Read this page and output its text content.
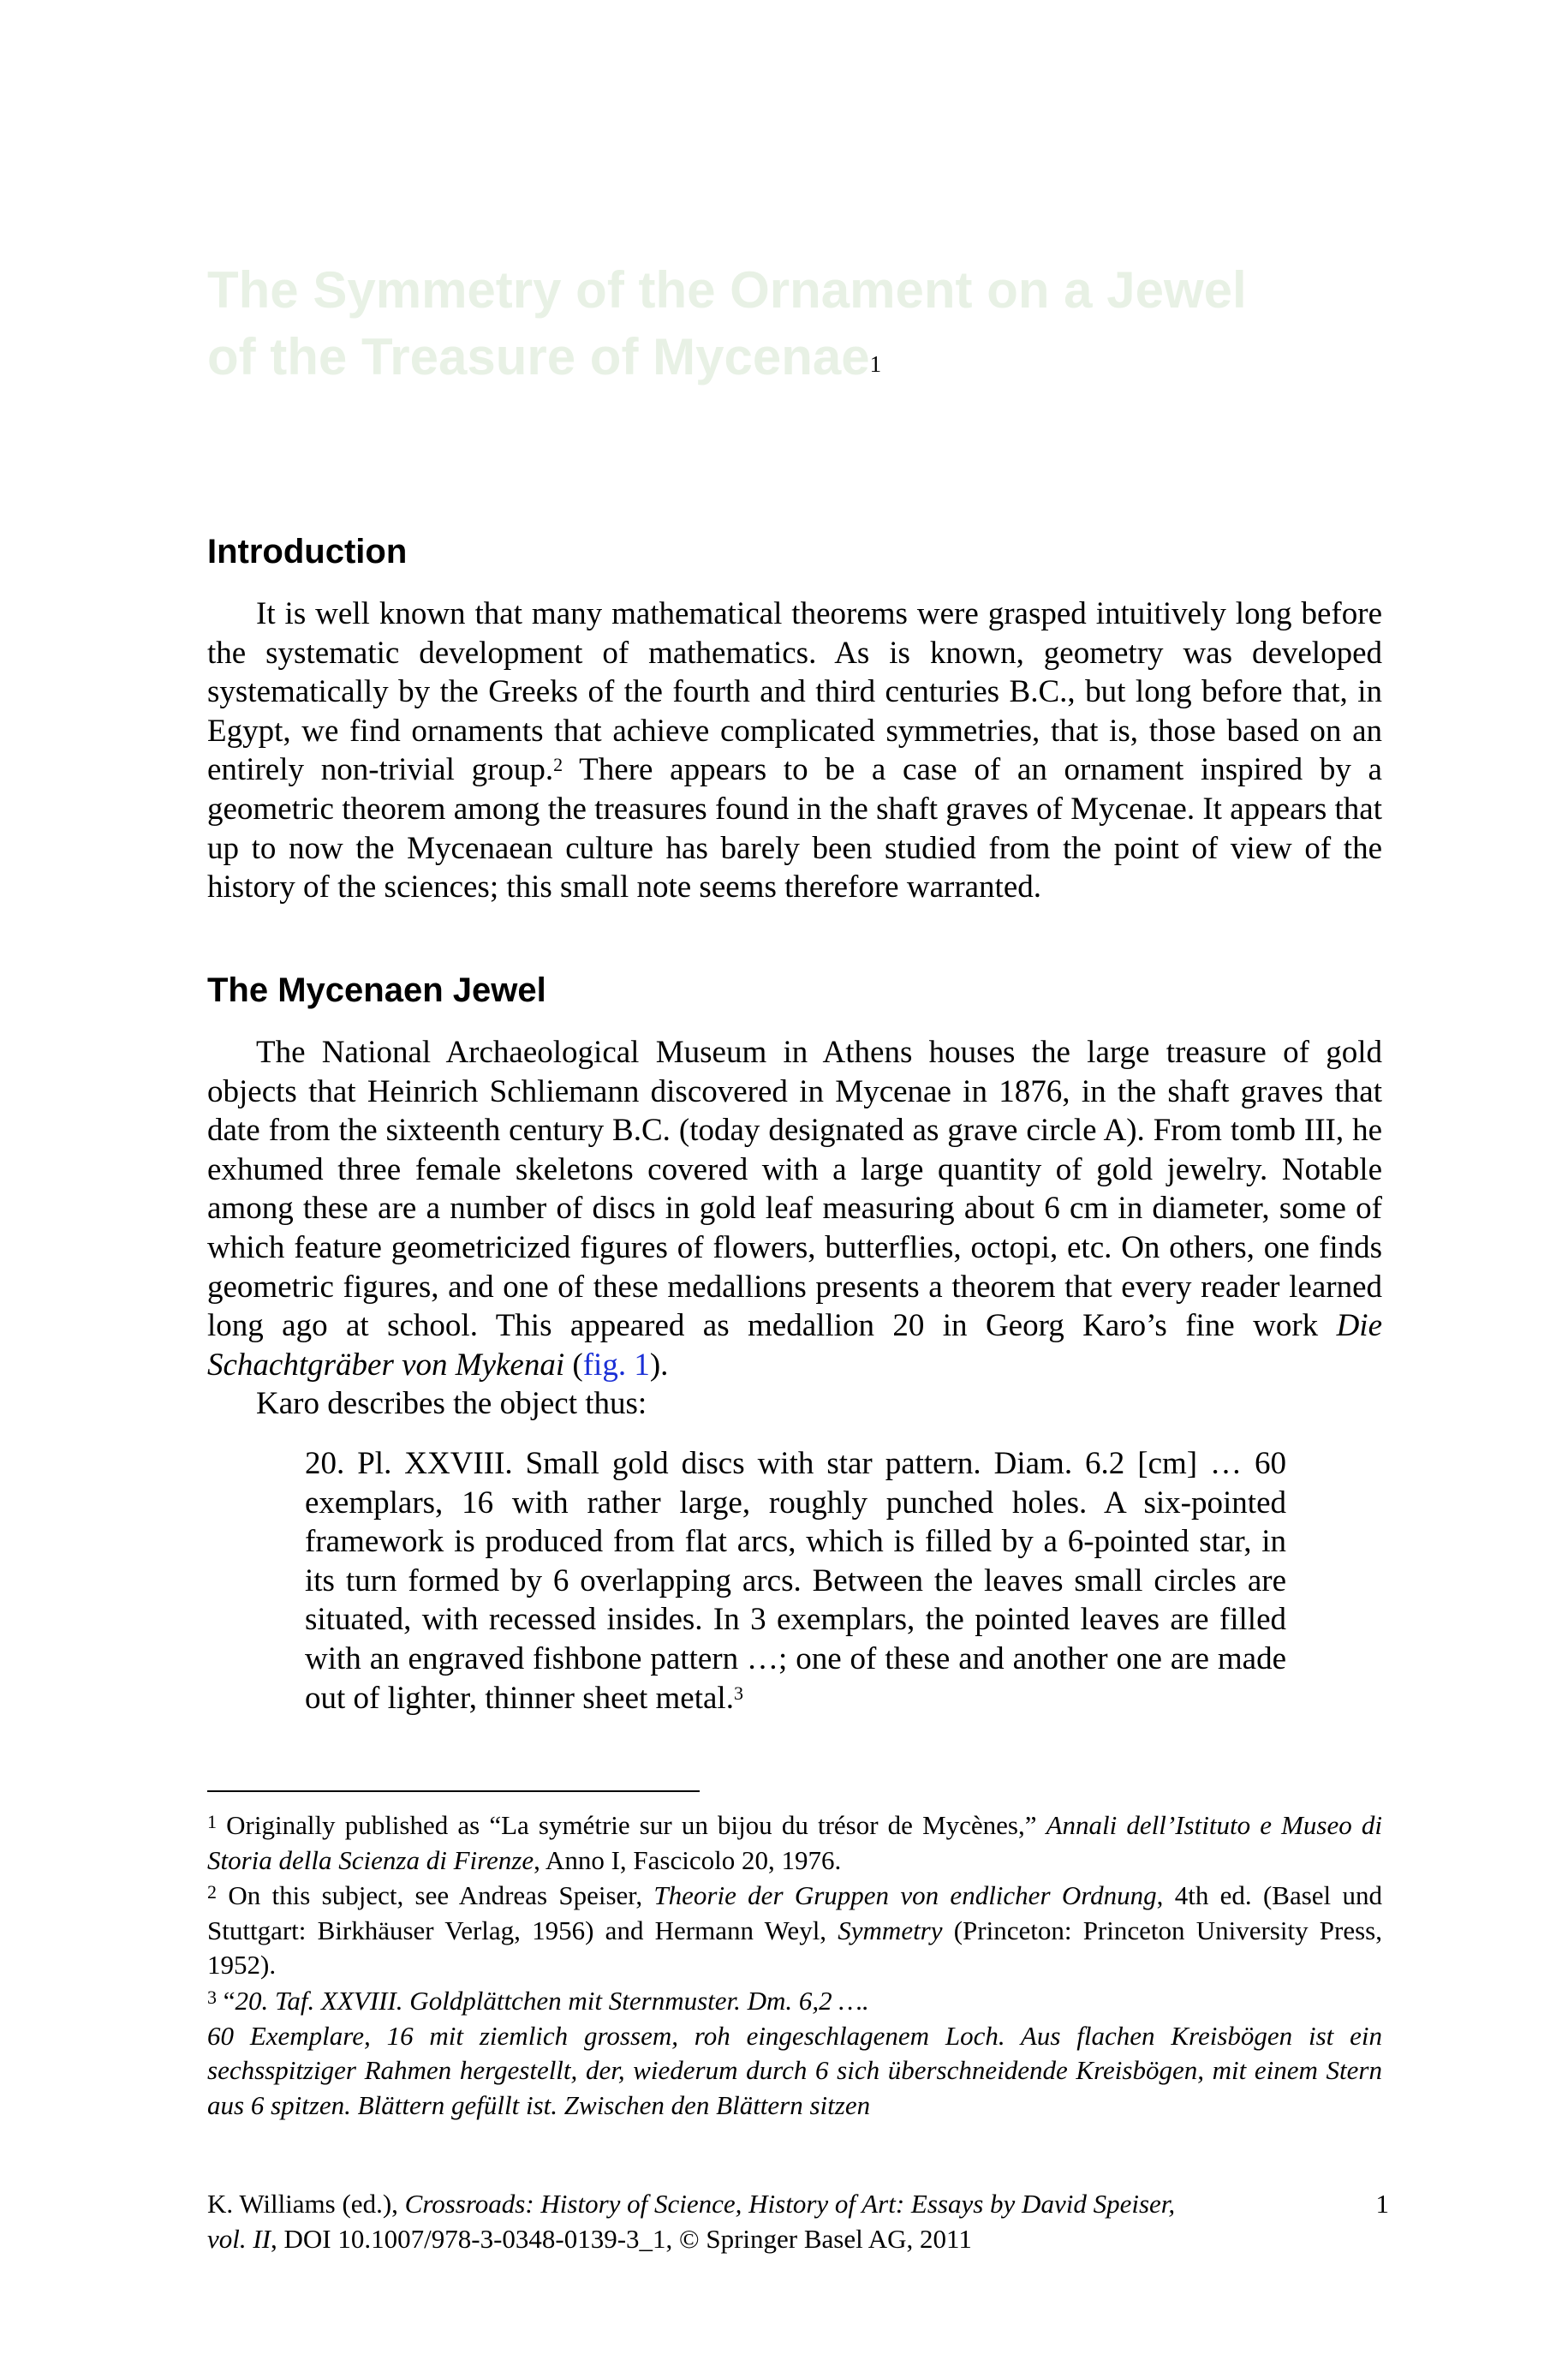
The Symmetry of the Ornament on a Jewel
of the Treasure of Mycenae$^1$
Introduction

It is well known that many mathematical theorems were grasped intuitively long before the systematic development of mathematics. As is known, geometry was developed systematically by the Greeks of the fourth and third centuries B.C., but long before that, in Egypt, we find ornaments that achieve complicated symmetries, that is, those based on an entirely non-trivial group.$^2$ There appears to be a case of an ornament inspired by a geometric theorem among the treasures found in the shaft graves of Mycenae. It appears that up to now the Mycenaean culture has barely been studied from the point of view of the history of the sciences; this small note seems therefore warranted.

The Mycenaen Jewel

The National Archaeological Museum in Athens houses the large treasure of gold objects that Heinrich Schliemann discovered in Mycenae in 1876, in the shaft graves that date from the sixteenth century B.C. (today designated as grave circle A). From tomb III, he exhumed three female skeletons covered with a large quantity of gold jewelry. Notable among these are a number of discs in gold leaf measuring about 6 cm in diameter, some of which feature geometricized figures of flowers, butterflies, octopi, etc. On others, one finds geometric figures, and one of these medallions presents a theorem that every reader learned long ago at school. This appeared as medallion 20 in Georg Karo’s fine work Die Schachtgräber von Mykenai (fig. 1).

Karo describes the object thus:

20. Pl. XXVIII. Small gold discs with star pattern. Diam. 6.2 [cm] … 60 exemplars, 16 with rather large, roughly punched holes. A six-pointed framework is produced from flat arcs, which is filled by a 6-pointed star, in its turn formed by 6 overlapping arcs. Between the leaves small circles are situated, with recessed insides. In 3 exemplars, the pointed leaves are filled with an engraved fishbone pattern …; one of these and another one are made out of lighter, thinner sheet metal.$^3$

$^1$ Originally published as “La symétrie sur un bijou du trésor de Mycènes,” Annali dell’Istituto e Museo di Storia della Scienza di Firenze, Anno I, Fascicolo 20, 1976.

$^2$ On this subject, see Andreas Speiser, Theorie der Gruppen von endlicher Ordnung, 4th ed. (Basel und Stuttgart: Birkhäuser Verlag, 1956) and Hermann Weyl, Symmetry (Princeton: Princeton University Press, 1952).

$^3$ “20. Taf. XXVIII. Goldplättchen mit Sternmuster. Dm. 6,2 ….
60 Exemplare, 16 mit ziemlich grossem, roh eingeschlagenem Loch. Aus flachen Kreisbögen ist ein sechsspitziger Rahmen hergestellt, der, wiederum durch 6 sich überschneidende Kreisbögen, mit einem Stern aus 6 spitzen. Blättern gefüllt ist. Zwischen den Blättern sitzen

K. Williams (ed.), Crossroads: History of Science, History of Art: Essays by David Speiser,
vol. II, DOI 10.1007/978-3-0348-0139-3_1, © Springer Basel AG, 2011
1
